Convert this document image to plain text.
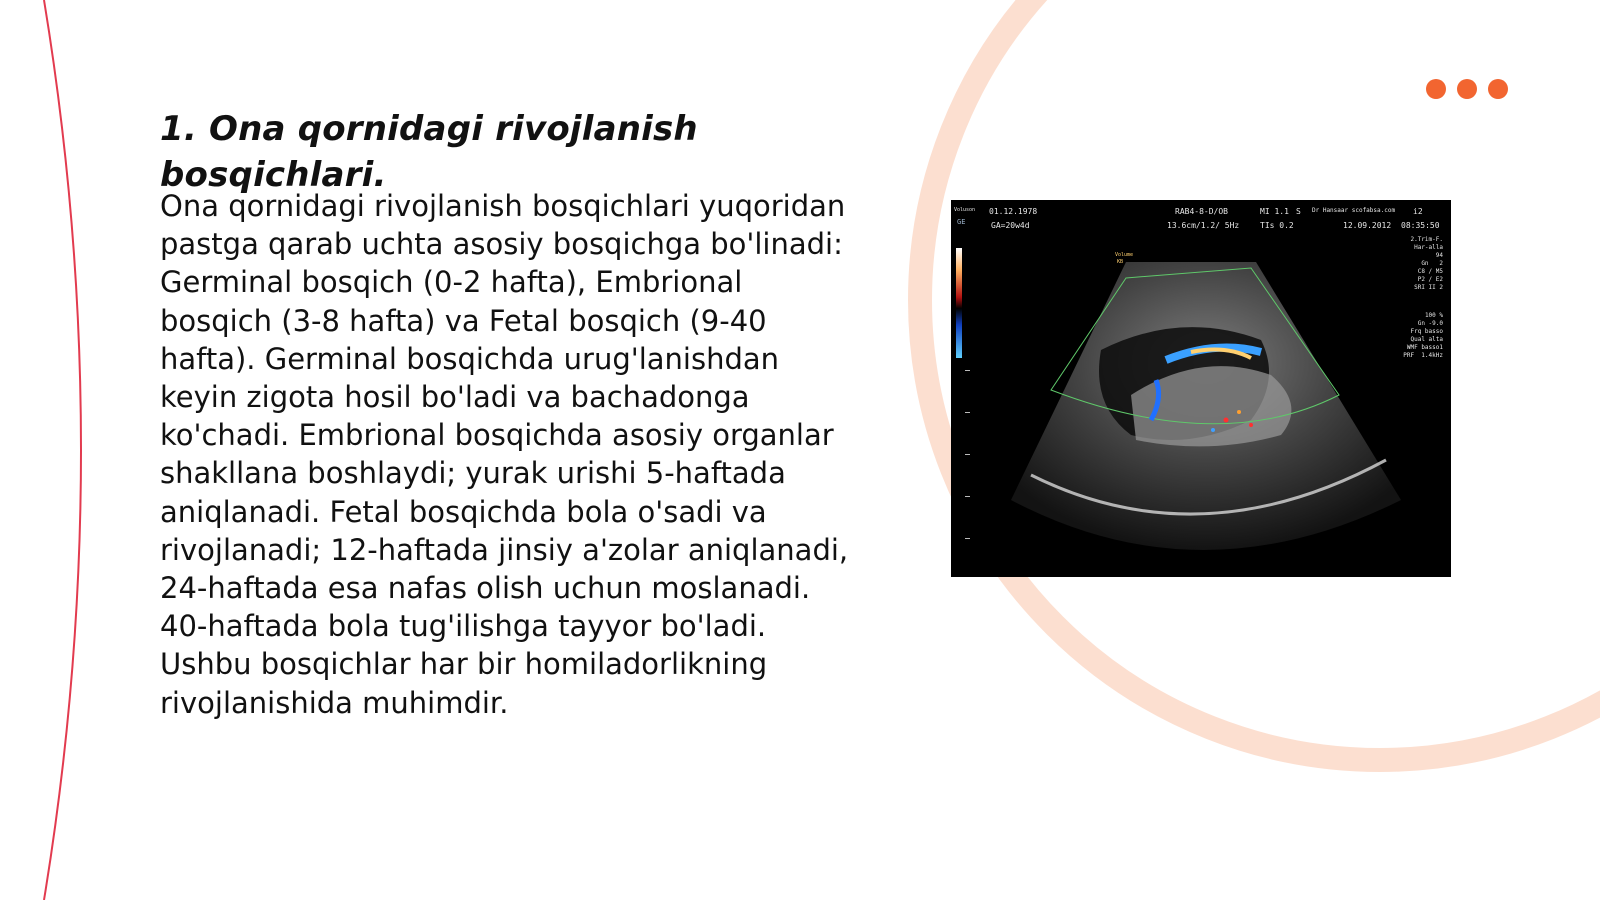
1. Ona qornidagi rivojlanish bosqichlari.

Ona qornidagi rivojlanish bosqichlari yuqoridan pastga qarab uchta asosiy bosqichga bo'linadi: Germinal bosqich (0-2 hafta), Embrional bosqich (3-8 hafta) va Fetal bosqich (9-40 hafta). Germinal bosqichda urug'lanishdan keyin zigota hosil bo'ladi va bachadonga ko'chadi. Embrional bosqichda asosiy organlar shakllana boshlaydi; yurak urishi 5-haftada aniqlanadi. Fetal bosqichda bola o'sadi va rivojlanadi; 12-haftada jinsiy a'zolar aniqlanadi, 24-haftada esa nafas olish uchun moslanadi. 40-haftada bola tug'ilishga tayyor bo'ladi. Ushbu bosqichlar har bir homiladorlikning rivojlanishida muhimdir.

Voluson
GE
01.12.1978	RAB4-8-D/OB	MI 1.1 S Dr Hansaar scofabsa.com i2
GA=20w4d	13.6cm/1.2/ 5Hz	TIs 0.2	12.09.2012 08:35:50
Volume
KB
2.Trim-F.
Har-alla
94
Gn   2
C8 / M5
P2 / E2
SRI II 2
100 %
Gn -9.0
Frq basso
Qual alta
WMF basso1
PRF  1.4kHz
